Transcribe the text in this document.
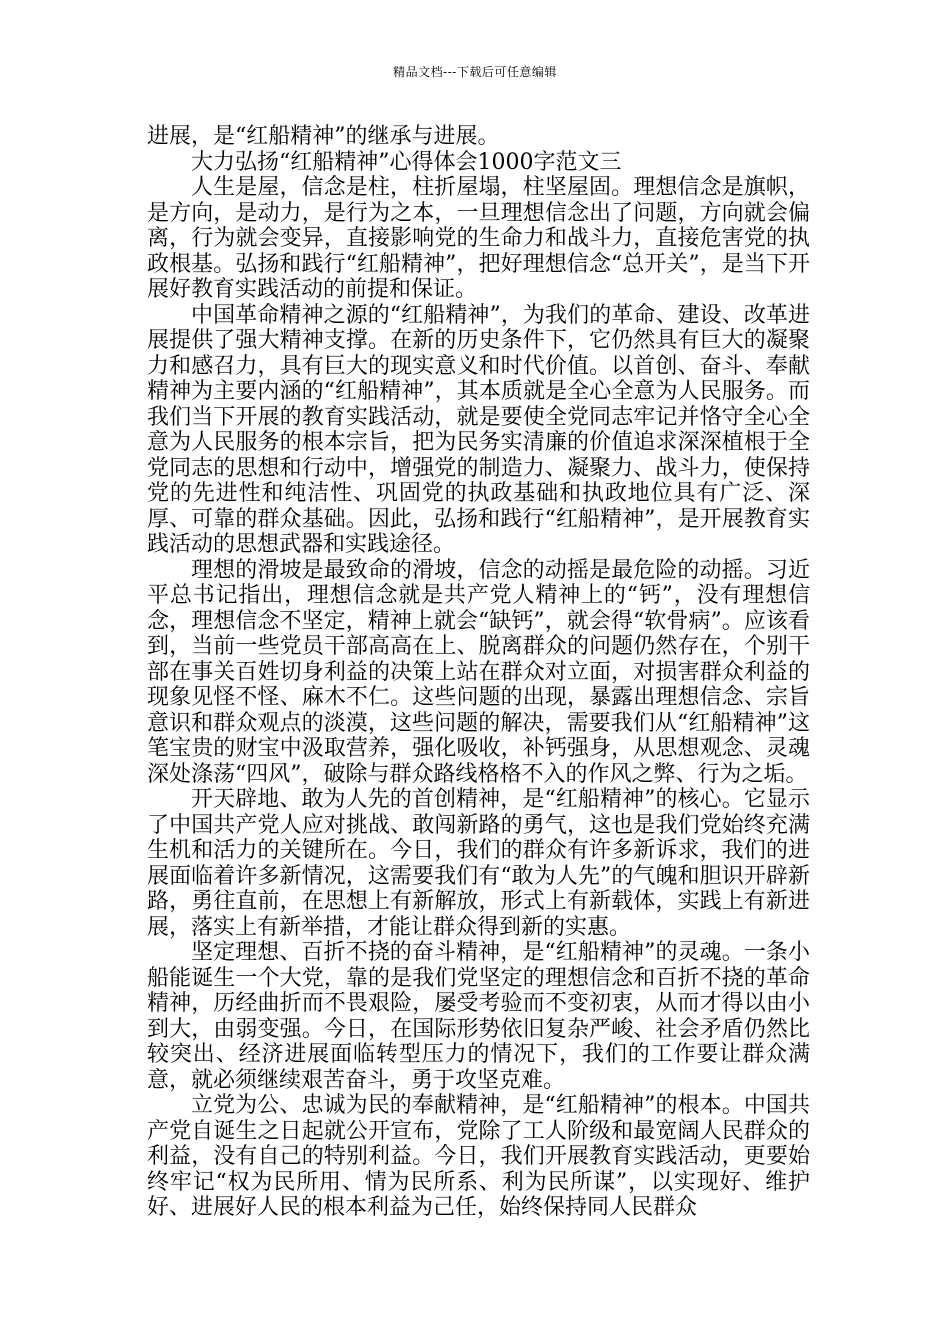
精品文档---下载后可任意编辑

进展，是“红船精神”的继承与进展。

大力弘扬“红船精神”心得体会1000字范文三

人生是屋，信念是柱，柱折屋塌，柱坚屋固。理想信念是旗帜，是方向，是动力，是行为之本，一旦理想信念出了问题，方向就会偏离，行为就会变异，直接影响党的生命力和战斗力，直接危害党的执政根基。弘扬和践行“红船精神”，把好理想信念“总开关”，是当下开展好教育实践活动的前提和保证。

中国革命精神之源的“红船精神”，为我们的革命、建设、改革进展提供了强大精神支撑。在新的历史条件下，它仍然具有巨大的凝聚力和感召力，具有巨大的现实意义和时代价值。以首创、奋斗、奉献精神为主要内涵的“红船精神”，其本质就是全心全意为人民服务。而我们当下开展的教育实践活动，就是要使全党同志牢记并恪守全心全意为人民服务的根本宗旨，把为民务实清廉的价值追求深深植根于全党同志的思想和行动中，增强党的制造力、凝聚力、战斗力，使保持党的先进性和纯洁性、巩固党的执政基础和执政地位具有广泛、深厚、可靠的群众基础。因此，弘扬和践行“红船精神”，是开展教育实践活动的思想武器和实践途径。

理想的滑坡是最致命的滑坡，信念的动摇是最危险的动摇。习近平总书记指出，理想信念就是共产党人精神上的“钙”，没有理想信念，理想信念不坚定，精神上就会“缺钙”，就会得“软骨病”。应该看到，当前一些党员干部高高在上、脱离群众的问题仍然存在，个别干部在事关百姓切身利益的决策上站在群众对立面，对损害群众利益的现象见怪不怪、麻木不仁。这些问题的出现，暴露出理想信念、宗旨意识和群众观点的淡漠，这些问题的解决，需要我们从“红船精神”这笔宝贵的财宝中汲取营养，强化吸收，补钙强身，从思想观念、灵魂深处涤荡“四风”，破除与群众路线格格不入的作风之弊、行为之垢。

开天辟地、敢为人先的首创精神，是“红船精神”的核心。它显示了中国共产党人应对挑战、敢闯新路的勇气，这也是我们党始终充满生机和活力的关键所在。今日，我们的群众有许多新诉求，我们的进展面临着许多新情况，这需要我们有“敢为人先”的气魄和胆识开辟新路，勇往直前，在思想上有新解放，形式上有新载体，实践上有新进展，落实上有新举措，才能让群众得到新的实惠。

坚定理想、百折不挠的奋斗精神，是“红船精神”的灵魂。一条小船能诞生一个大党，靠的是我们党坚定的理想信念和百折不挠的革命精神，历经曲折而不畏艰险，屡受考验而不变初衷，从而才得以由小到大，由弱变强。今日，在国际形势依旧复杂严峻、社会矛盾仍然比较突出、经济进展面临转型压力的情况下，我们的工作要让群众满意，就必须继续艰苦奋斗，勇于攻坚克难。

立党为公、忠诚为民的奉献精神，是“红船精神”的根本。中国共产党自诞生之日起就公开宣布，党除了工人阶级和最宽阔人民群众的利益，没有自己的特别利益。今日，我们开展教育实践活动，更要始终牢记“权为民所用、情为民所系、利为民所谋”，以实现好、维护好、进展好人民的根本利益为己任，始终保持同人民群众
